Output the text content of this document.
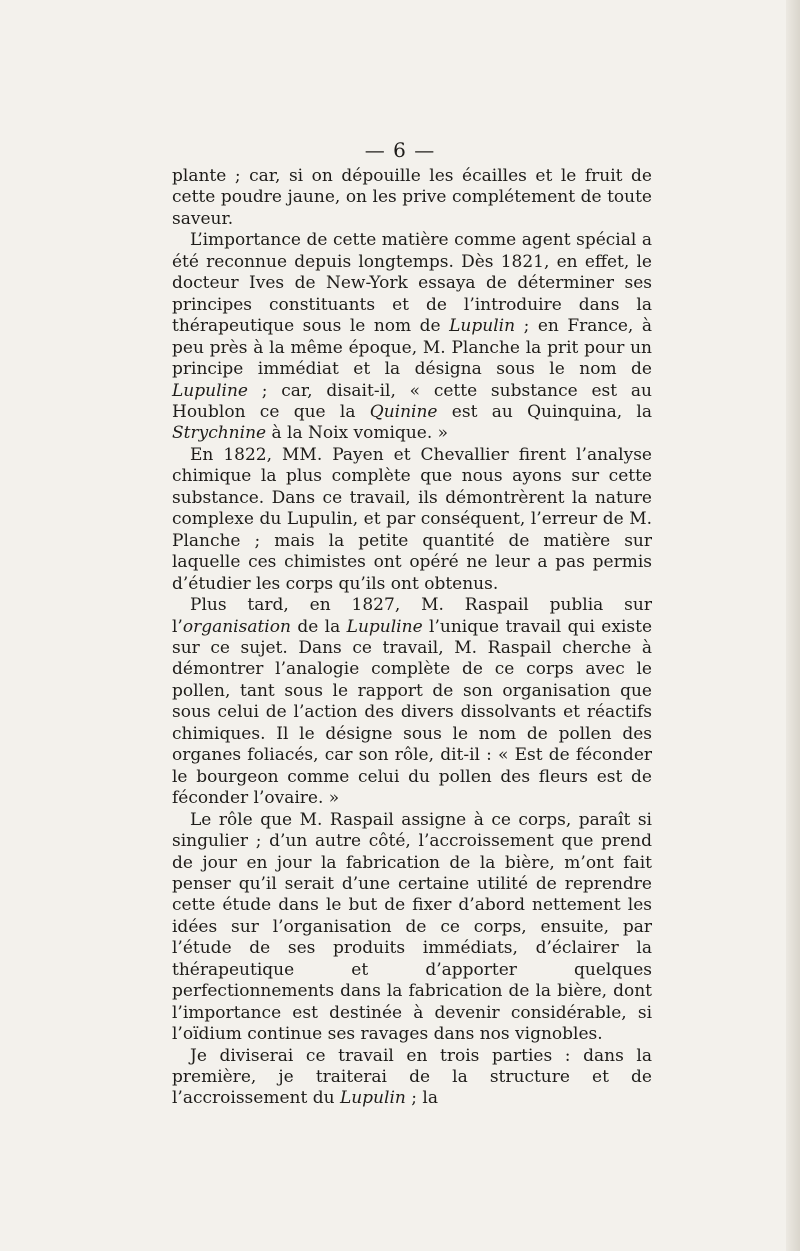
— 6 —

plante ; car, si on dépouille les écailles et le fruit de cette poudre jaune, on les prive complétement de toute saveur.

L’importance de cette matière comme agent spécial a été reconnue depuis longtemps. Dès 1821, en effet, le docteur Ives de New-York essaya de déterminer ses principes constituants et de l’introduire dans la thérapeutique sous le nom de Lupulin ; en France, à peu près à la même époque, M. Planche la prit pour un principe immédiat et la désigna sous le nom de Lupuline ; car, disait-il, « cette substance est au Houblon ce que la Quinine est au Quinquina, la Strychnine à la Noix vomique. »

En 1822, MM. Payen et Chevallier firent l’analyse chimique la plus complète que nous ayons sur cette substance. Dans ce travail, ils démontrèrent la nature complexe du Lupulin, et par conséquent, l’erreur de M. Planche ; mais la petite quantité de matière sur laquelle ces chimistes ont opéré ne leur a pas permis d’étudier les corps qu’ils ont obtenus.

Plus tard, en 1827, M. Raspail publia sur l’organisation de la Lupuline l’unique travail qui existe sur ce sujet. Dans ce travail, M. Raspail cherche à démontrer l’analogie complète de ce corps avec le pollen, tant sous le rapport de son organisation que sous celui de l’action des divers dissolvants et réactifs chimiques. Il le désigne sous le nom de pollen des organes foliacés, car son rôle, dit-il : « Est de féconder le bourgeon comme celui du pollen des fleurs est de féconder l’ovaire. »

Le rôle que M. Raspail assigne à ce corps, paraît si singulier ; d’un autre côté, l’accroissement que prend de jour en jour la fabrication de la bière, m’ont fait penser qu’il serait d’une certaine utilité de reprendre cette étude dans le but de fixer d’abord nettement les idées sur l’organisation de ce corps, ensuite, par l’étude de ses produits immédiats, d’éclairer la thérapeutique et d’apporter quelques perfectionnements dans la fabrication de la bière, dont l’importance est destinée à devenir considérable, si l’oïdium continue ses ravages dans nos vignobles.

Je diviserai ce travail en trois parties : dans la première, je traiterai de la structure et de l’accroissement du Lupulin ; la
